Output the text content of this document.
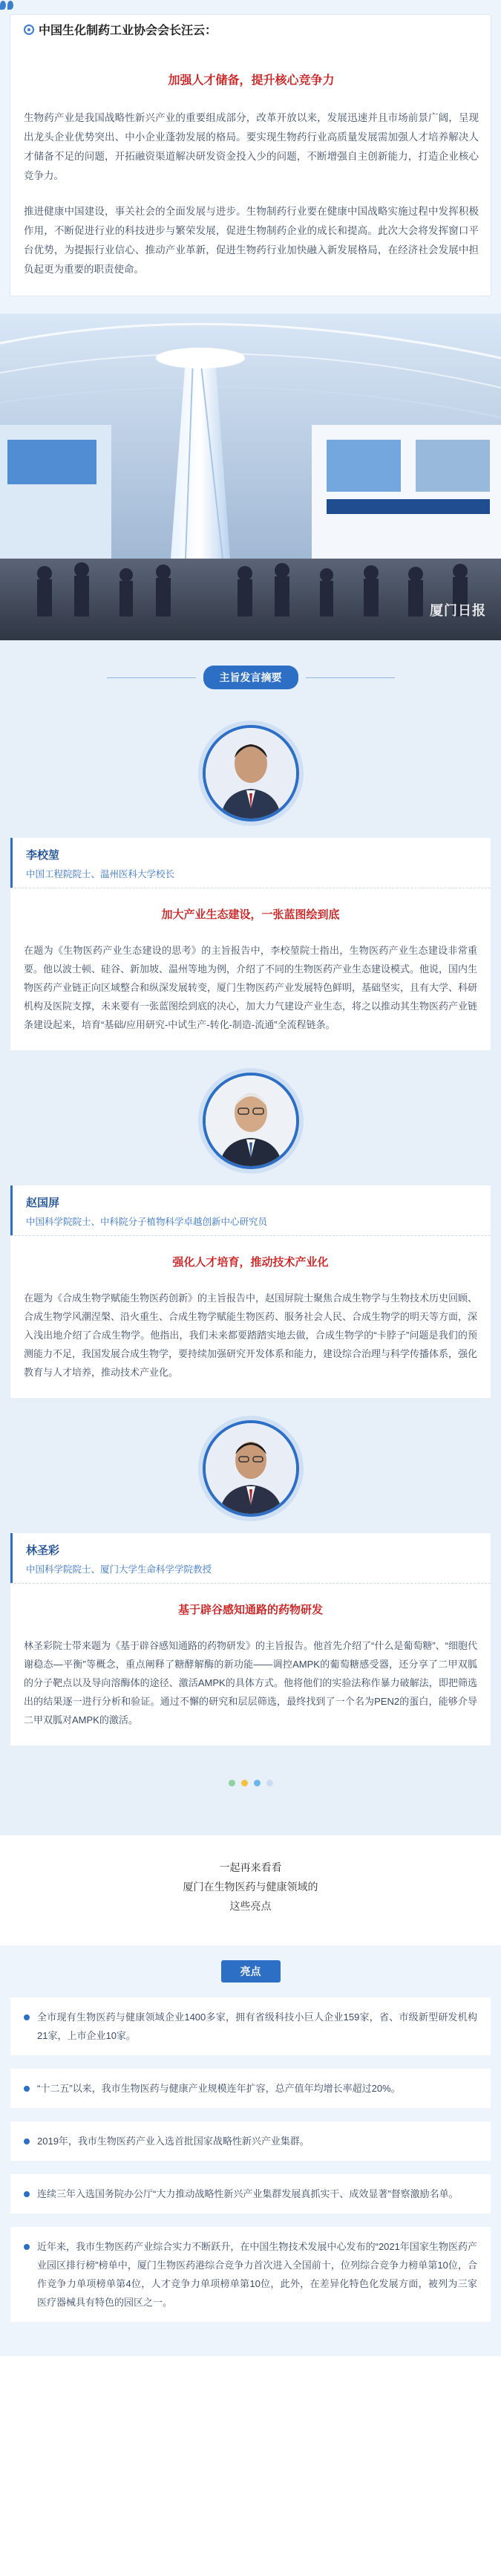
中国生化制药工业协会会长汪云：
加强人才储备，提升核心竞争力

生物药产业是我国战略性新兴产业的重要组成部分，改革开放以来，发展迅速并且市场前景广阔，呈现出龙头企业优势突出、中小企业蓬勃发展的格局。要实现生物药行业高质量发展需加强人才培养解决人才储备不足的问题，开拓融资渠道解决研发资金投入少的问题，不断增强自主创新能力，打造企业核心竞争力。

推进健康中国建设，事关社会的全面发展与进步。生物制药行业要在健康中国战略实施过程中发挥积极作用，不断促进行业的科技进步与繁荣发展，促进生物制药企业的成长和提高。此次大会将发挥窗口平台优势，为提振行业信心、推动产业革新，促进生物药行业加快融入新发展格局，在经济社会发展中担负起更为重要的职责使命。

厦门日报
主旨发言摘要
李校堃
中国工程院院士、温州医科大学校长
加大产业生态建设，一张蓝图绘到底

在题为《生物医药产业生态建设的思考》的主旨报告中，李校堃院士指出，生物医药产业生态建设非常重要。他以波士顿、硅谷、新加坡、温州等地为例，介绍了不同的生物医药产业生态建设模式。他说，国内生物医药产业链正向区域整合和纵深发展转变，厦门生物医药产业发展特色鲜明，基础坚实，且有大学、科研机构及医院支撑，未来要有一张蓝图绘到底的决心，加大力气建设产业生态，将之以推动其生物医药产业链条建设起来，培育“基础/应用研究-中试生产-转化-制造-流通”全流程链条。

赵国屏
中国科学院院士、中科院分子植物科学卓越创新中心研究员
强化人才培育，推动技术产业化

在题为《合成生物学赋能生物医药创新》的主旨报告中，赵国屏院士聚焦合成生物学与生物技术历史回顾、合成生物学风潮涅槃、沿火重生、合成生物学赋能生物医药、服务社会人民、合成生物学的明天等方面，深入浅出地介绍了合成生物学。他指出，我们未来都要踏踏实地去做，合成生物学的“卡脖子”问题是我们的预测能力不足，我国发展合成生物学，要持续加强研究开发体系和能力，建设综合治理与科学传播体系，强化教育与人才培养，推动技术产业化。

林圣彩
中国科学院院士、厦门大学生命科学学院教授
基于辟谷感知通路的药物研发

林圣彩院士带来题为《基于辟谷感知通路的药物研发》的主旨报告。他首先介绍了“什么是葡萄糖”、“细胞代谢稳态—平衡”等概念，重点阐释了糖酵解酶的新功能——调控AMPK的葡萄糖感受器，还分享了二甲双胍的分子靶点以及导向溶酶体的途径、激活AMPK的具体方式。他将他们的实验法称作暴力破解法，即把筛选出的结果逐一进行分析和验证。通过不懈的研究和层层筛选，最终找到了一个名为PEN2的蛋白，能够介导二甲双胍对AMPK的激活。

一起再来看看
厦门在生物医药与健康领域的
这些亮点
亮点

全市现有生物医药与健康领域企业1400多家，拥有省级科技小巨人企业159家，省、市级新型研发机构21家，上市企业10家。

“十二五”以来，我市生物医药与健康产业规模连年扩容，总产值年均增长率超过20%。

2019年，我市生物医药产业入选首批国家战略性新兴产业集群。

连续三年入选国务院办公厅“大力推动战略性新兴产业集群发展真抓实干、成效显著”督察激励名单。

近年来，我市生物医药产业综合实力不断跃升，在中国生物技术发展中心发布的“2021年国家生物医药产业园区排行榜”榜单中，厦门生物医药港综合竞争力首次进入全国前十，位列综合竞争力榜单第10位，合作竞争力单项榜单第4位，人才竞争力单项榜单第10位，此外，在差异化特色化发展方面，被列为三家医疗器械具有特色的园区之一。
